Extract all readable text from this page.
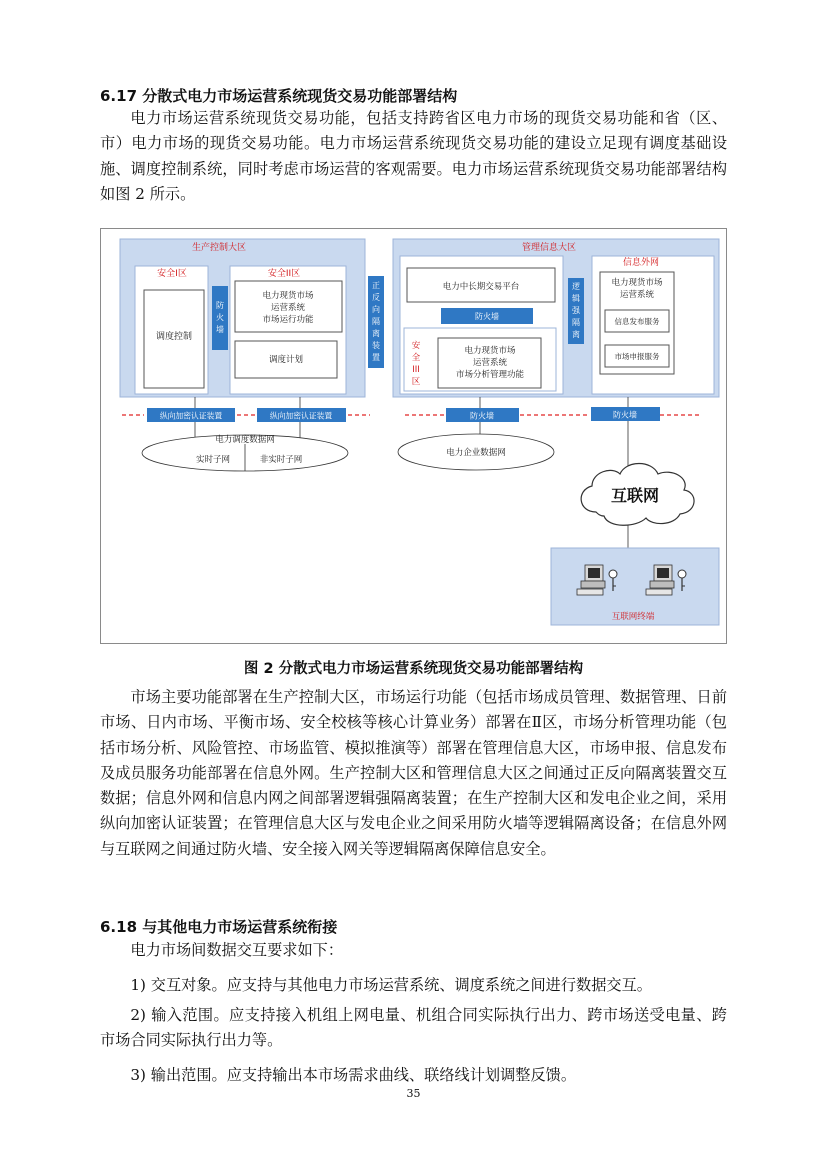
6.17 分散式电力市场运营系统现货交易功能部署结构

电力市场运营系统现货交易功能，包括支持跨省区电力市场的现货交易功能和省（区、市）电力市场的现货交易功能。电力市场运营系统现货交易功能的建设立足现有调度基础设施、调度控制系统，同时考虑市场运营的客观需要。电力市场运营系统现货交易功能部署结构如图 2 所示。

生产控制大区
安全I区
调度控制
防
火
墙
安全II区
电力现货市场
运营系统
市场运行功能
调度计划
正
反
向
隔
离
装
置
管理信息大区
电力中长期交易平台
防火墙
安
全
III
区
电力现货市场
运营系统
市场分析管理功能
逻
辑
强
隔
离
信息外网
电力现货市场
运营系统
信息发布服务
市场申报服务
纵向加密认证装置	纵向加密认证装置	防火墙	防火墙
电力调度数据网
实时子网	非实时子网
电力企业数据网
互联网
互联网终端
图 2 分散式电力市场运营系统现货交易功能部署结构

市场主要功能部署在生产控制大区，市场运行功能（包括市场成员管理、数据管理、日前市场、日内市场、平衡市场、安全校核等核心计算业务）部署在Ⅱ区，市场分析管理功能（包括市场分析、风险管控、市场监管、模拟推演等）部署在管理信息大区，市场申报、信息发布及成员服务功能部署在信息外网。生产控制大区和管理信息大区之间通过正反向隔离装置交互数据；信息外网和信息内网之间部署逻辑强隔离装置；在生产控制大区和发电企业之间，采用纵向加密认证装置；在管理信息大区与发电企业之间采用防火墙等逻辑隔离设备；在信息外网与互联网之间通过防火墙、安全接入网关等逻辑隔离保障信息安全。

6.18 与其他电力市场运营系统衔接

电力市场间数据交互要求如下：

1) 交互对象。应支持与其他电力市场运营系统、调度系统之间进行数据交互。

2) 输入范围。应支持接入机组上网电量、机组合同实际执行出力、跨市场送受电量、跨市场合同实际执行出力等。

3) 输出范围。应支持输出本市场需求曲线、联络线计划调整反馈。

35
